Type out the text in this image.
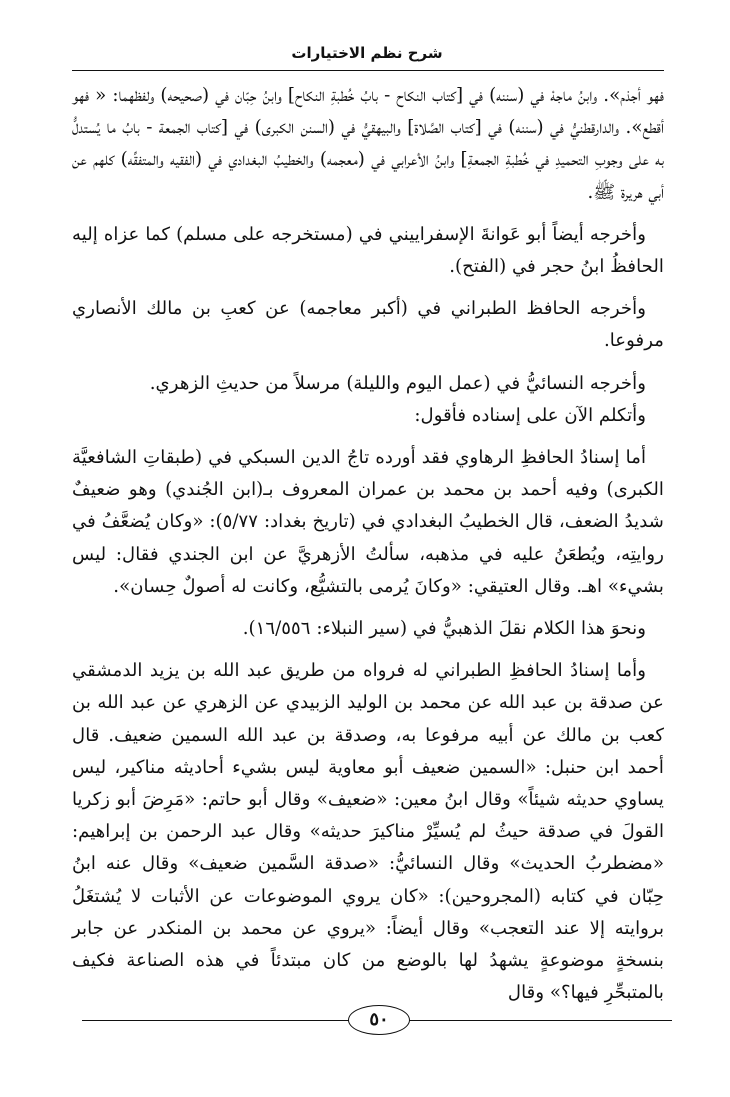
شرح نظم الاختيارات

فهو أجذم». وابنُ ماجهْ في (سننه) في [كتاب النكاح - بابُ خُطبةِ النكاح] وابنُ حِبّان في (صحيحه) ولفظهما: « فهو أقطع». والدارقطنيُّ في (سننه) في [كتاب الصَّلاة] والبيهقيُّ في (السنن الكبرى) في [كتاب الجمعة - بابُ ما يُستدلُّ به على وجوبِ التحميدِ في خُطبةِ الجمعةِ] وابنُ الأعرابي في (معجمه) والخطيبُ البغدادي في (الفقيه والمتفقِّه) كلهم عن أبي هريرة ﷺ.

وأخرجه أيضاً أبو عَوانةَ الإسفراييني في (مستخرجه على مسلم) كما عزاه إليه الحافظُ ابنُ حجر في (الفتح).

وأخرجه الحافظ الطبراني في (أكبر معاجمه) عن كعبِ بن مالك الأنصاري مرفوعا.

وأخرجه النسائيُّ في (عمل اليوم والليلة) مرسلاً من حديثِ الزهري.

وأتكلم الآن على إسناده فأقول:

أما إسنادُ الحافظِ الرهاوي فقد أورده تاجُ الدين السبكي في (طبقاتِ الشافعيَّة الكبرى) وفيه أحمد بن محمد بن عمران المعروف بـ(ابن الجُندي) وهو ضعيفٌ شديدُ الضعف، قال الخطيبُ البغدادي في (تاريخ بغداد: ٥/٧٧): «وكان يُضعَّفُ في روايتِه، ويُطعَنُ عليه في مذهبه، سألتُ الأزهريَّ عن ابن الجندي فقال: ليس بشيء» اهـ. وقال العتيقي: «وكانَ يُرمى بالتشيُّع، وكانت له أصولٌ حِسان».

ونحوَ هذا الكلام نقلَ الذهبيُّ في (سير النبلاء: ١٦/٥٥٦).

وأما إسنادُ الحافظِ الطبراني له فرواه من طريق عبد الله بن يزيد الدمشقي عن صدقة بن عبد الله عن محمد بن الوليد الزبيدي عن الزهري عن عبد الله بن كعب بن مالك عن أبيه مرفوعا به، وصدقة بن عبد الله السمين ضعيف. قال أحمد ابن حنبل: «السمين ضعيف أبو معاوية ليس بشيء أحاديثه مناكير، ليس يساوي حديثه شيئاً» وقال ابنُ معين: «ضعيف» وقال أبو حاتم: «مَرِضَ أبو زكريا القولَ في صدقة حيثُ لم يُسيِّرْ مناكيرَ حديثه» وقال عبد الرحمن بن إبراهيم: «مضطربُ الحديث» وقال النسائيُّ: «صدقة السَّمين ضعيف» وقال عنه ابنُ حِبّان في كتابه (المجروحين): «كان يروي الموضوعات عن الأثبات لا يُشتغَلُ بروايته إلا عند التعجب» وقال أيضاً: «يروي عن محمد بن المنكدر عن جابر بنسخةٍ موضوعةٍ يشهدُ لها بالوضع من كان مبتدئاً في هذه الصناعة فكيف بالمتبحِّرِ فيها؟» وقال

٥٠
